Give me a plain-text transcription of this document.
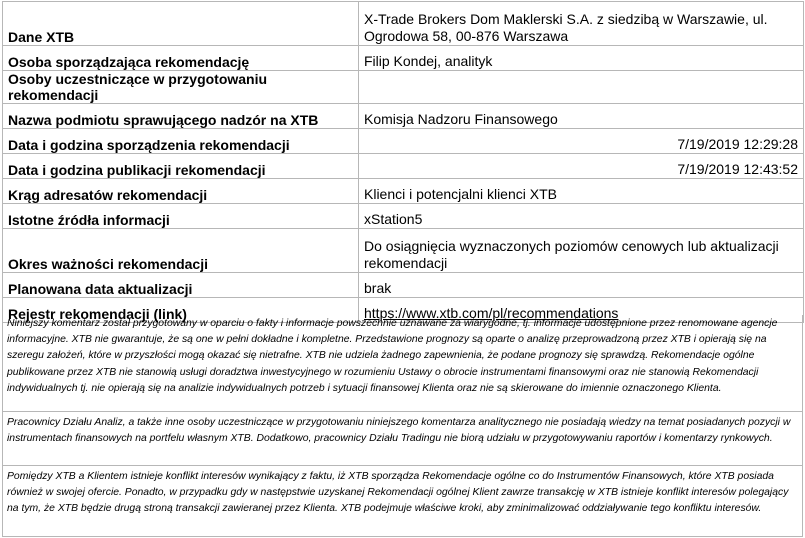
Dane XTB	X-Trade Brokers Dom Maklerski S.A. z siedzibą w Warszawie, ul. Ogrodowa 58, 00-876 Warszawa
Osoba sporządzająca rekomendację	Filip Kondej, analityk
Osoby uczestniczące w przygotowaniu rekomendacji	
Nazwa podmiotu sprawującego nadzór na XTB	Komisja Nadzoru Finansowego
Data i godzina sporządzenia rekomendacji	7/19/2019 12:29:28
Data i godzina publikacji rekomendacji	7/19/2019 12:43:52
Krąg adresatów rekomendacji	Klienci i potencjalni klienci XTB
Istotne źródła informacji	xStation5
Okres ważności rekomendacji	Do osiągnięcia wyznaczonych poziomów cenowych lub aktualizacji rekomendacji
Planowana data aktualizacji	brak
Rejestr rekomendacji (link)	https://www.xtb.com/pl/recommendations
Niniejszy komentarz został przygotowany w oparciu o fakty i informacje powszechnie uznawane za wiarygodne, tj. informacje udostępnione przez renomowane agencje informacyjne. XTB nie gwarantuje, że są one w pełni dokładne i kompletne. Przedstawione prognozy są oparte o analizę przeprowadzoną przez XTB i opierają się na szeregu założeń, które w przyszłości mogą okazać się nietrafne. XTB nie udziela żadnego zapewnienia, że podane prognozy się sprawdzą. Rekomendacje ogólne publikowane przez XTB nie stanowią usługi doradztwa inwestycyjnego w rozumieniu Ustawy o obrocie instrumentami finansowymi oraz nie stanowią Rekomendacji indywidualnych tj. nie opierają się na analizie indywidualnych potrzeb i sytuacji finansowej Klienta oraz nie są skierowane do imiennie oznaczonego Klienta.
Pracownicy Działu Analiz, a także inne osoby uczestniczące w przygotowaniu niniejszego komentarza analitycznego nie posiadają wiedzy na temat posiadanych pozycji w instrumentach finansowych na portfelu własnym XTB. Dodatkowo, pracownicy Działu Tradingu nie biorą udziału w przygotowywaniu raportów i komentarzy rynkowych.
Pomiędzy XTB a Klientem istnieje konflikt interesów wynikający z faktu, iż XTB sporządza Rekomendacje ogólne co do Instrumentów Finansowych, które XTB posiada również w swojej ofercie. Ponadto, w przypadku gdy w następstwie uzyskanej Rekomendacji ogólnej Klient zawrze transakcję w XTB istnieje konflikt interesów polegający na tym, że XTB będzie drugą stroną transakcji zawieranej przez Klienta. XTB podejmuje właściwe kroki, aby zminimalizować oddziaływanie tego konfliktu interesów.
